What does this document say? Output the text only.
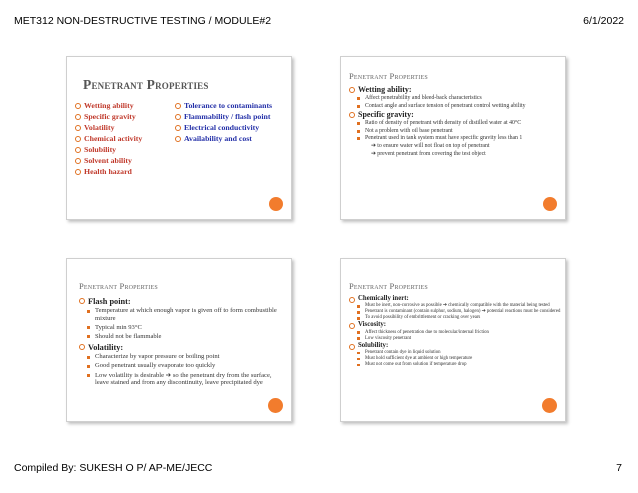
MET312 NON-DESTRUCTIVE TESTING / MODULE#2	6/1/2022
Penetrant Properties
Wetting ability
Specific gravity
Volatility
Chemical activity
Solubility
Solvent ability
Health hazard
Tolerance to contaminants
Flammability / flash point
Electrical conductivity
Availability and cost
Penetrant Properties
Wetting ability:
Affect penetrability and bleed-back characteristics
Contact angle and surface tension of penetrant control wetting ability
Specific gravity:
Ratio of density of penetrant with density of distilled water at 40°C
Not a problem with oil base penetrant
Penetrant used in tank system must have specific gravity less than 1
➔ to ensure water will not float on top of penetrant
➔ prevent penetrant from covering the test object
Penetrant Properties
Flash point:
Temperature at which enough vapor is given off to form combustible mixture
Typical min 93°C
Should not be flammable
Volatility:
Characterize by vapor pressure or boiling point
Good penetrant usually evaporate too quickly
Low volatility is desirable ➔ so the penetrant dry from the surface, leave stained and from any discontinuity, leave precipitated dye
Penetrant Properties
Chemically inert:
Must be inert, non-corrosive as possible ➔ chemically compatible with the material being tested
Penetrant is contaminant (contain sulphur, sodium, halogen) ➔ potential reactions must be considered
To avoid possibility of embrittlement or cracking over years
Viscosity:
Affect thickness of penetration due to molecular/internal friction
Low viscosity penetrant
Solubility:
Penetrant contain dye in liquid solution
Must hold sufficient dye at ambient or high temperature
Must not come out from solution if temperature drop
Compiled By: SUKESH O P/ AP-ME/JECC	7
